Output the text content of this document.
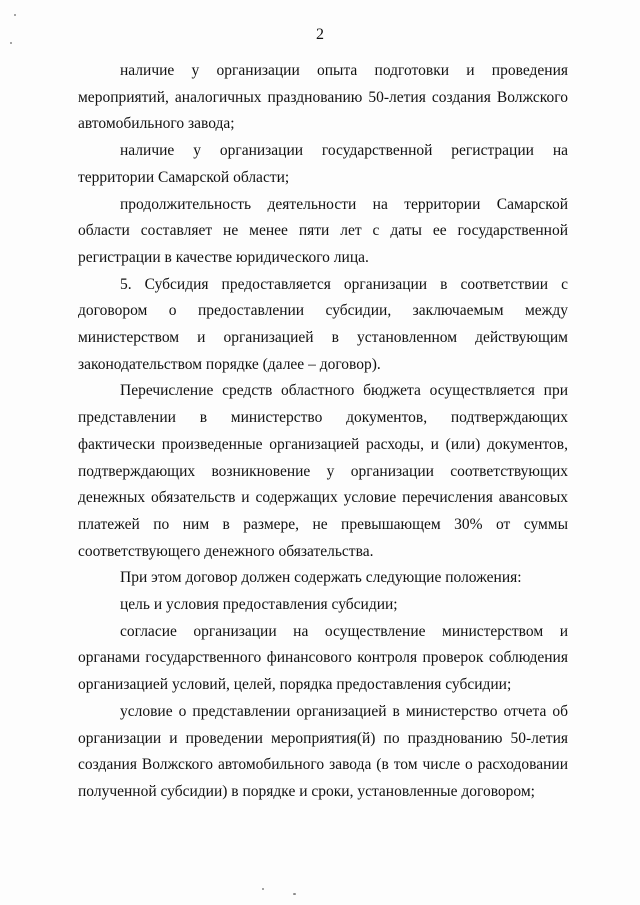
2

наличие у организации опыта подготовки и проведения мероприятий, аналогичных празднованию 50-летия создания Волжского автомобильного завода;

наличие у организации государственной регистрации на территории Самарской области;

продолжительность деятельности на территории Самарской области составляет не менее пяти лет с даты ее государственной регистрации в качестве юридического лица.

5. Субсидия предоставляется организации в соответствии с договором о предоставлении субсидии, заключаемым между министерством и организацией в установленном действующим законодательством порядке (далее – договор).

Перечисление средств областного бюджета осуществляется при представлении в министерство документов, подтверждающих фактически произведенные организацией расходы, и (или) документов, подтверждающих возникновение у организации соответствующих денежных обязательств и содержащих условие перечисления авансовых платежей по ним в размере, не превышающем 30% от суммы соответствующего денежного обязательства.

При этом договор должен содержать следующие положения:

цель и условия предоставления субсидии;

согласие организации на осуществление министерством и органами государственного финансового контроля проверок соблюдения организацией условий, целей, порядка предоставления субсидии;

условие о представлении организацией в министерство отчета об организации и проведении мероприятия(й) по празднованию 50-летия создания Волжского автомобильного завода (в том числе о расходовании полученной субсидии) в порядке и сроки, установленные договором;
